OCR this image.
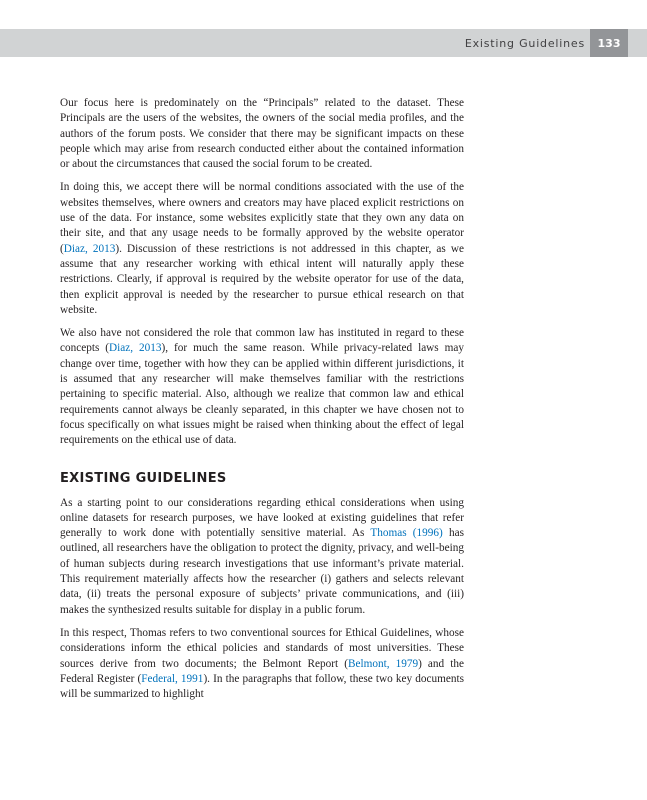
Existing Guidelines	133

Our focus here is predominately on the “Principals” related to the dataset. These Principals are the users of the websites, the owners of the social media profiles, and the authors of the forum posts. We consider that there may be significant impacts on these people which may arise from research conducted either about the contained information or about the circumstances that caused the social forum to be created.

In doing this, we accept there will be normal conditions associated with the use of the websites themselves, where owners and creators may have placed explicit restrictions on use of the data. For instance, some websites explicitly state that they own any data on their site, and that any usage needs to be formally approved by the website operator (Diaz, 2013). Discussion of these restrictions is not addressed in this chapter, as we assume that any researcher working with ethical intent will naturally apply these restrictions. Clearly, if approval is required by the website operator for use of the data, then explicit approval is needed by the researcher to pursue ethical research on that website.

We also have not considered the role that common law has instituted in regard to these concepts (Diaz, 2013), for much the same reason. While privacy-related laws may change over time, together with how they can be applied within different jurisdictions, it is assumed that any researcher will make themselves familiar with the restrictions pertaining to specific material. Also, although we realize that common law and ethical requirements cannot always be cleanly separated, in this chapter we have chosen not to focus specifically on what issues might be raised when thinking about the effect of legal requirements on the ethical use of data.

EXISTING GUIDELINES

As a starting point to our considerations regarding ethical considerations when using online datasets for research purposes, we have looked at existing guidelines that refer generally to work done with potentially sensitive material. As Thomas (1996) has outlined, all researchers have the obligation to protect the dignity, privacy, and well-being of human subjects during research investigations that use informant’s private material. This requirement materially affects how the researcher (i) gathers and selects relevant data, (ii) treats the personal exposure of subjects’ private communications, and (iii) makes the synthesized results suitable for display in a public forum.

In this respect, Thomas refers to two conventional sources for Ethical Guidelines, whose considerations inform the ethical policies and standards of most universities. These sources derive from two documents; the Belmont Report (Belmont, 1979) and the Federal Register (Federal, 1991). In the paragraphs that follow, these two key documents will be summarized to highlight
